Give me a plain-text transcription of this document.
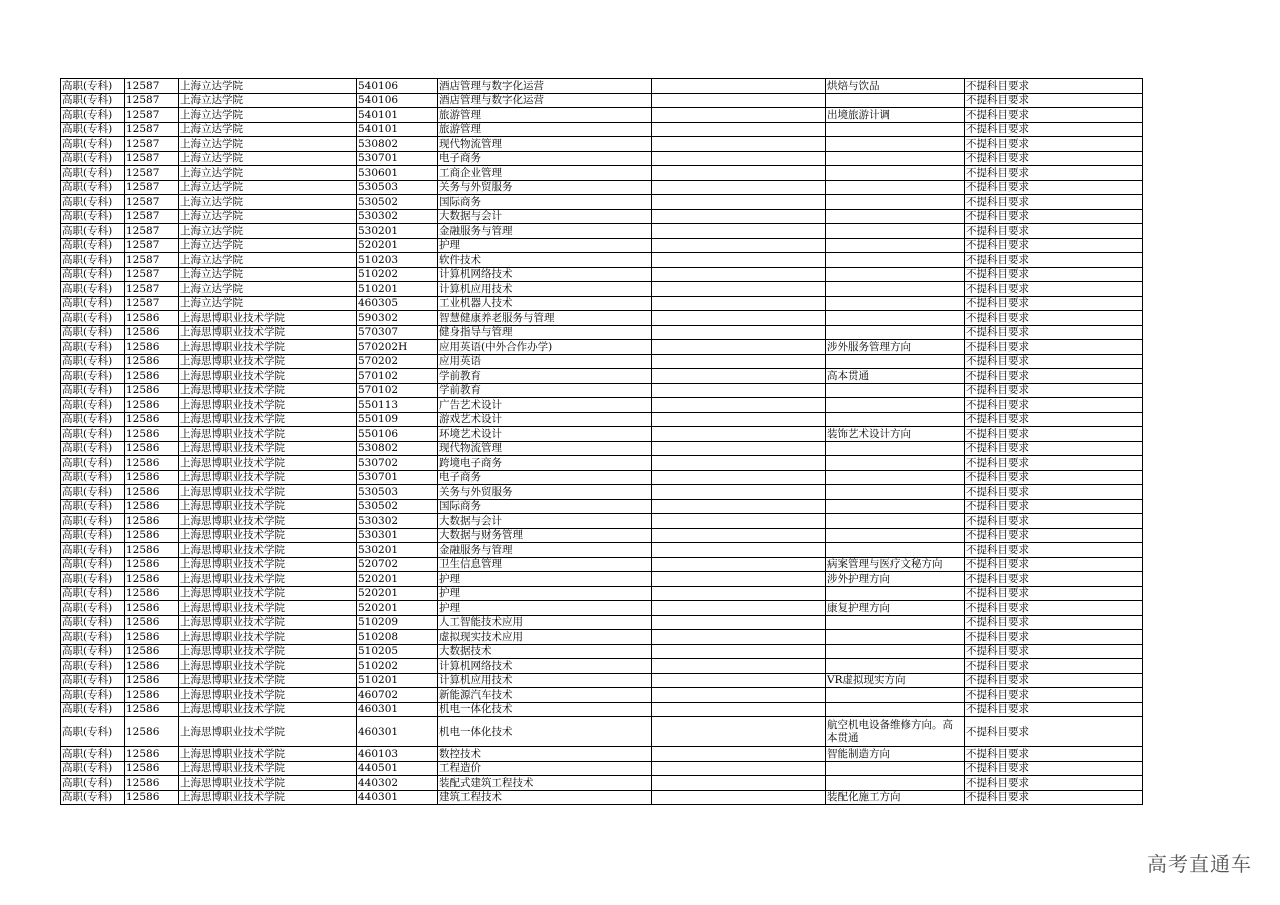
高职(专科)	12587	上海立达学院	540106	酒店管理与数字化运营		烘焙与饮品	不提科目要求
高职(专科)	12587	上海立达学院	540106	酒店管理与数字化运营			不提科目要求
高职(专科)	12587	上海立达学院	540101	旅游管理		出境旅游计调	不提科目要求
高职(专科)	12587	上海立达学院	540101	旅游管理			不提科目要求
高职(专科)	12587	上海立达学院	530802	现代物流管理			不提科目要求
高职(专科)	12587	上海立达学院	530701	电子商务			不提科目要求
高职(专科)	12587	上海立达学院	530601	工商企业管理			不提科目要求
高职(专科)	12587	上海立达学院	530503	关务与外贸服务			不提科目要求
高职(专科)	12587	上海立达学院	530502	国际商务			不提科目要求
高职(专科)	12587	上海立达学院	530302	大数据与会计			不提科目要求
高职(专科)	12587	上海立达学院	530201	金融服务与管理			不提科目要求
高职(专科)	12587	上海立达学院	520201	护理			不提科目要求
高职(专科)	12587	上海立达学院	510203	软件技术			不提科目要求
高职(专科)	12587	上海立达学院	510202	计算机网络技术			不提科目要求
高职(专科)	12587	上海立达学院	510201	计算机应用技术			不提科目要求
高职(专科)	12587	上海立达学院	460305	工业机器人技术			不提科目要求
高职(专科)	12586	上海思博职业技术学院	590302	智慧健康养老服务与管理			不提科目要求
高职(专科)	12586	上海思博职业技术学院	570307	健身指导与管理			不提科目要求
高职(专科)	12586	上海思博职业技术学院	570202H	应用英语(中外合作办学)		涉外服务管理方向	不提科目要求
高职(专科)	12586	上海思博职业技术学院	570202	应用英语			不提科目要求
高职(专科)	12586	上海思博职业技术学院	570102	学前教育		高本贯通	不提科目要求
高职(专科)	12586	上海思博职业技术学院	570102	学前教育			不提科目要求
高职(专科)	12586	上海思博职业技术学院	550113	广告艺术设计			不提科目要求
高职(专科)	12586	上海思博职业技术学院	550109	游戏艺术设计			不提科目要求
高职(专科)	12586	上海思博职业技术学院	550106	环境艺术设计		装饰艺术设计方向	不提科目要求
高职(专科)	12586	上海思博职业技术学院	530802	现代物流管理			不提科目要求
高职(专科)	12586	上海思博职业技术学院	530702	跨境电子商务			不提科目要求
高职(专科)	12586	上海思博职业技术学院	530701	电子商务			不提科目要求
高职(专科)	12586	上海思博职业技术学院	530503	关务与外贸服务			不提科目要求
高职(专科)	12586	上海思博职业技术学院	530502	国际商务			不提科目要求
高职(专科)	12586	上海思博职业技术学院	530302	大数据与会计			不提科目要求
高职(专科)	12586	上海思博职业技术学院	530301	大数据与财务管理			不提科目要求
高职(专科)	12586	上海思博职业技术学院	530201	金融服务与管理			不提科目要求
高职(专科)	12586	上海思博职业技术学院	520702	卫生信息管理		病案管理与医疗文秘方向	不提科目要求
高职(专科)	12586	上海思博职业技术学院	520201	护理		涉外护理方向	不提科目要求
高职(专科)	12586	上海思博职业技术学院	520201	护理			不提科目要求
高职(专科)	12586	上海思博职业技术学院	520201	护理		康复护理方向	不提科目要求
高职(专科)	12586	上海思博职业技术学院	510209	人工智能技术应用			不提科目要求
高职(专科)	12586	上海思博职业技术学院	510208	虚拟现实技术应用			不提科目要求
高职(专科)	12586	上海思博职业技术学院	510205	大数据技术			不提科目要求
高职(专科)	12586	上海思博职业技术学院	510202	计算机网络技术			不提科目要求
高职(专科)	12586	上海思博职业技术学院	510201	计算机应用技术		VR虚拟现实方向	不提科目要求
高职(专科)	12586	上海思博职业技术学院	460702	新能源汽车技术			不提科目要求
高职(专科)	12586	上海思博职业技术学院	460301	机电一体化技术			不提科目要求
高职(专科)	12586	上海思博职业技术学院	460301	机电一体化技术		航空机电设备维修方向。高本贯通	不提科目要求
高职(专科)	12586	上海思博职业技术学院	460103	数控技术		智能制造方向	不提科目要求
高职(专科)	12586	上海思博职业技术学院	440501	工程造价			不提科目要求
高职(专科)	12586	上海思博职业技术学院	440302	装配式建筑工程技术			不提科目要求
高职(专科)	12586	上海思博职业技术学院	440301	建筑工程技术		装配化施工方向	不提科目要求
高考直通车
